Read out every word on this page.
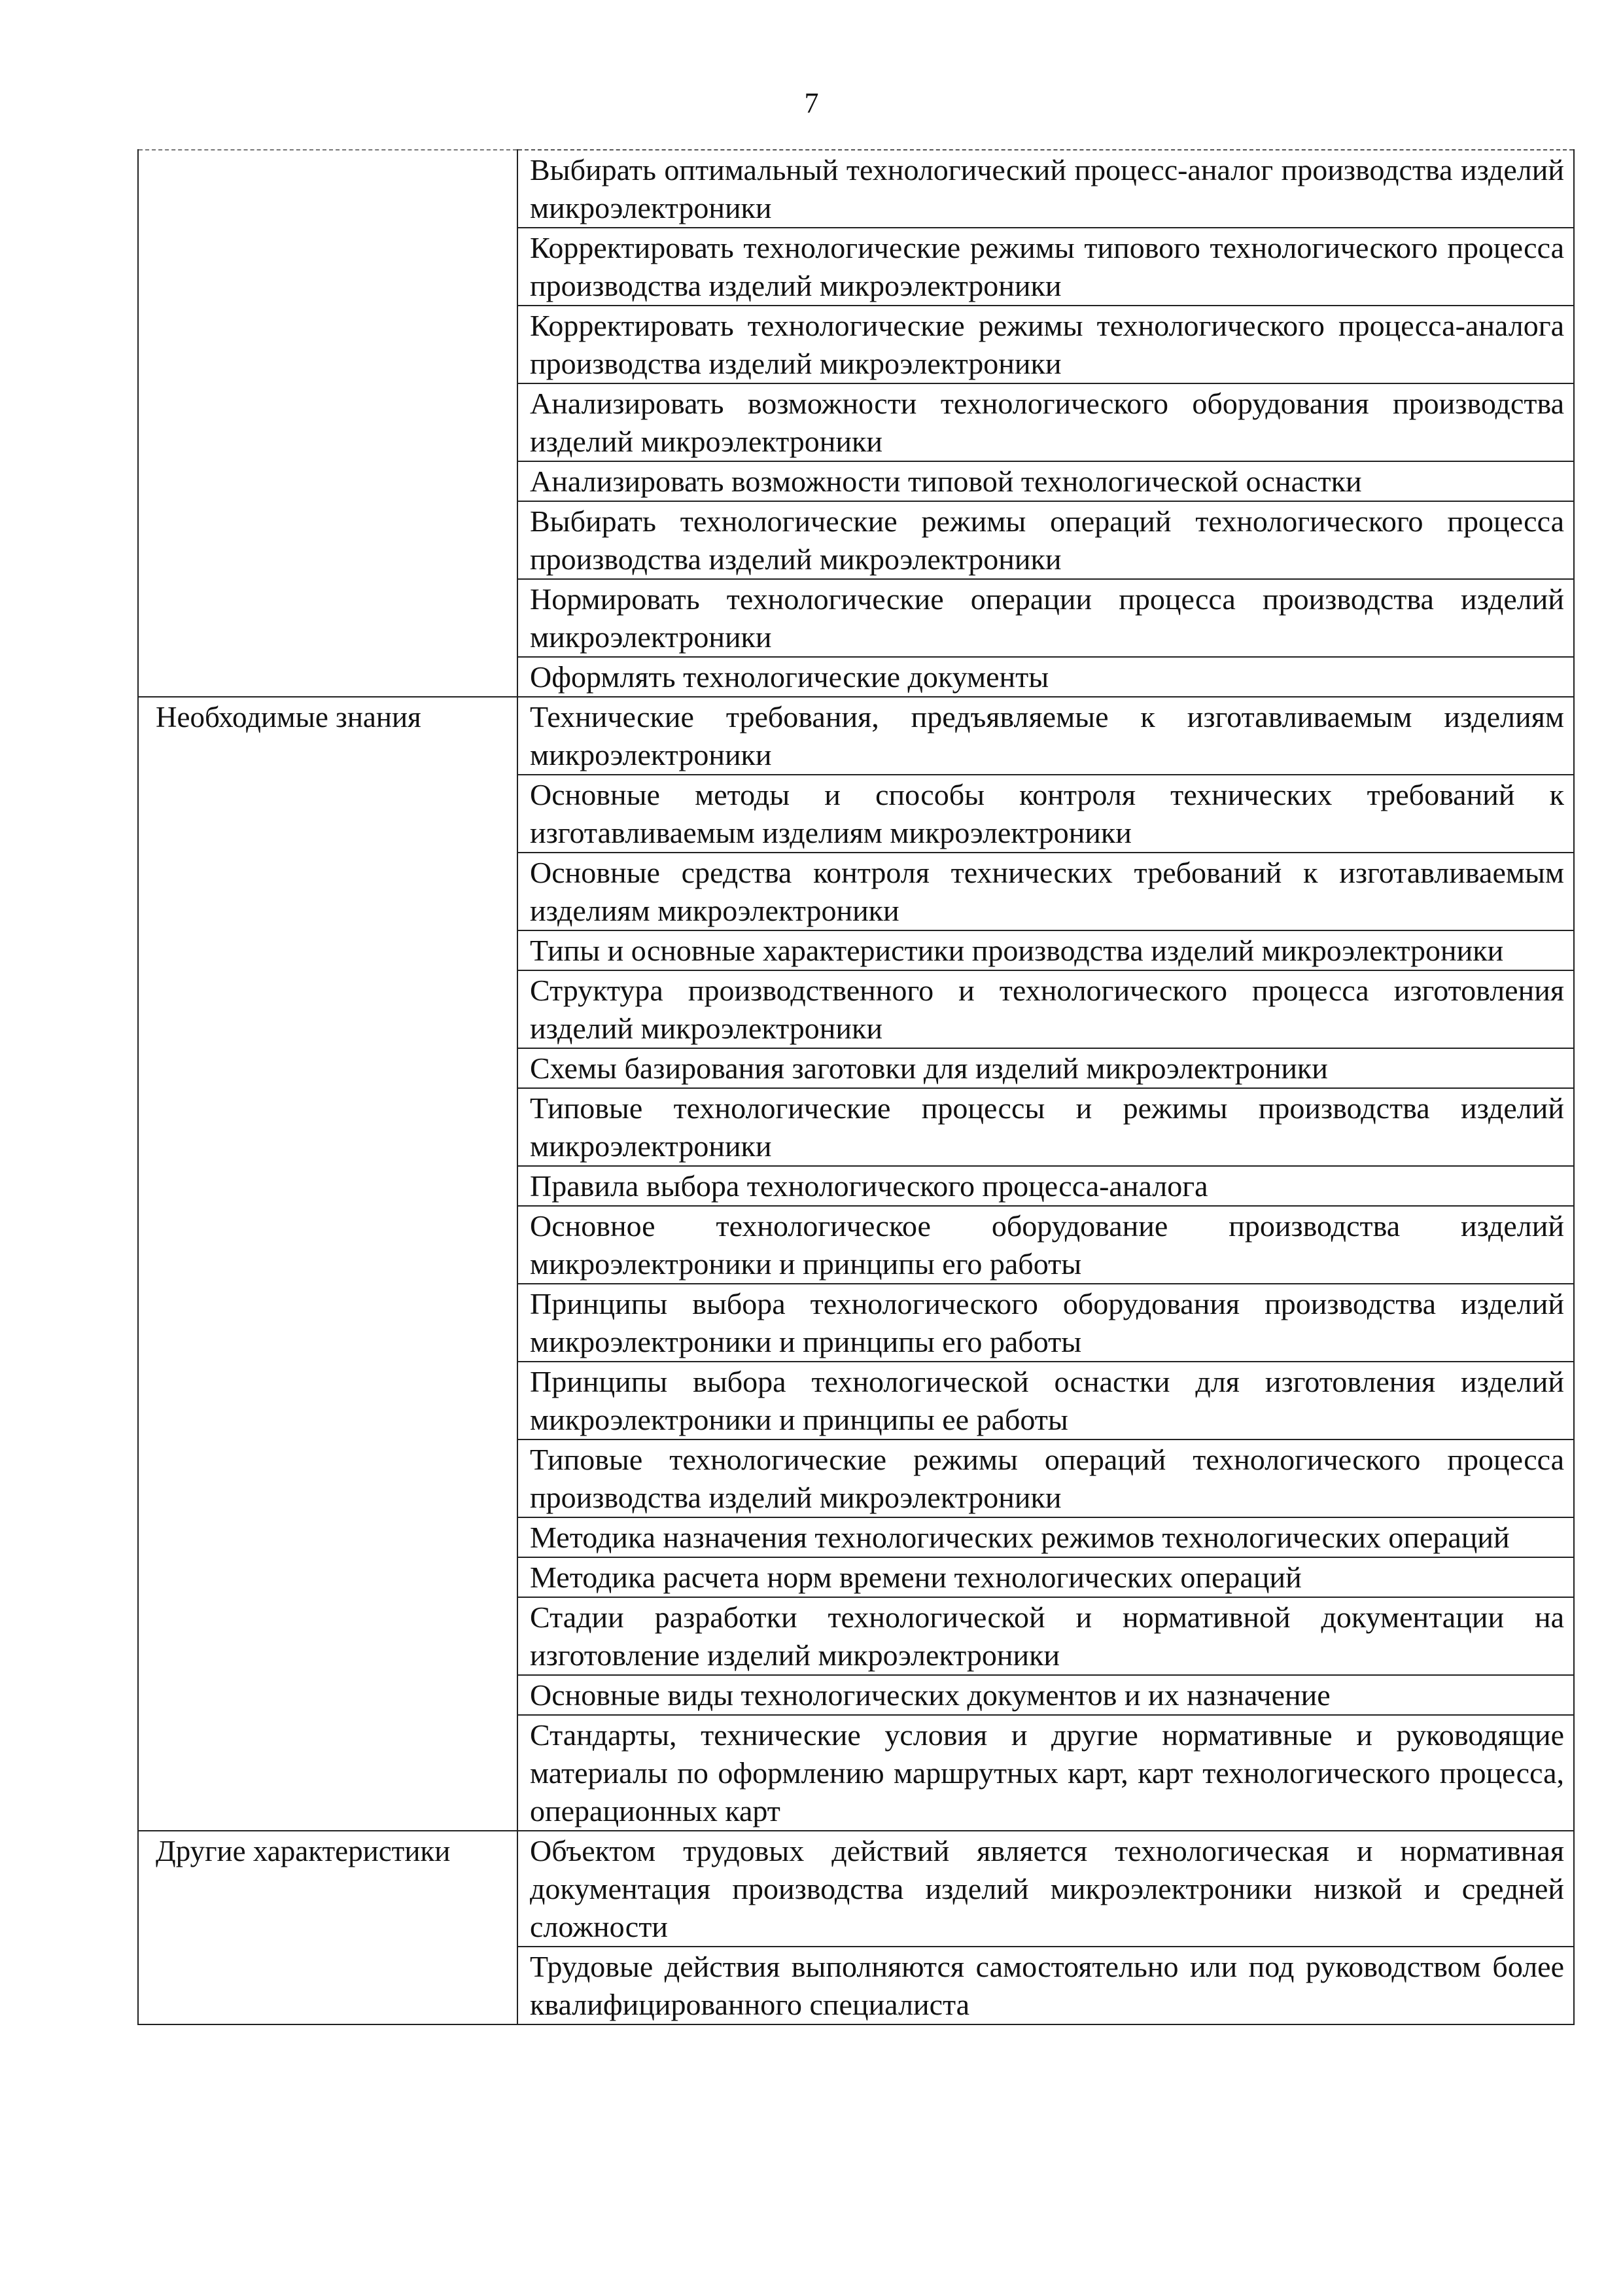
7
	Выбирать оптимальный технологический процесс-аналог производства изделий микроэлектроники
	Корректировать технологические режимы типового технологического процесса производства изделий микроэлектроники
	Корректировать технологические режимы технологического процесса-аналога производства изделий микроэлектроники
	Анализировать возможности технологического оборудования производства изделий микроэлектроники
	Анализировать возможности типовой технологической оснастки
	Выбирать технологические режимы операций технологического процесса производства изделий микроэлектроники
	Нормировать технологические операции процесса производства изделий микроэлектроники
	Оформлять технологические документы
Необходимые знания	Технические требования, предъявляемые к изготавливаемым изделиям микроэлектроники
	Основные методы и способы контроля технических требований к изготавливаемым изделиям микроэлектроники
	Основные средства контроля технических требований к изготавливаемым изделиям микроэлектроники
	Типы и основные характеристики производства изделий микроэлектроники
	Структура производственного и технологического процесса изготовления изделий микроэлектроники
	Схемы базирования заготовки для изделий микроэлектроники
	Типовые технологические процессы и режимы производства изделий микроэлектроники
	Правила выбора технологического процесса-аналога
	Основное технологическое оборудование производства изделий микроэлектроники и принципы его работы
	Принципы выбора технологического оборудования производства изделий микроэлектроники и принципы его работы
	Принципы выбора технологической оснастки для изготовления изделий микроэлектроники и принципы ее работы
	Типовые технологические режимы операций технологического процесса производства изделий микроэлектроники
	Методика назначения технологических режимов технологических операций
	Методика расчета норм времени технологических операций
	Стадии разработки технологической и нормативной документации на изготовление изделий микроэлектроники
	Основные виды технологических документов и их назначение
	Стандарты, технические условия и другие нормативные и руководящие материалы по оформлению маршрутных карт, карт технологического процесса, операционных карт
Другие характеристики	Объектом трудовых действий является технологическая и нормативная документация производства изделий микроэлектроники низкой и средней сложности
	Трудовые действия выполняются самостоятельно или под руководством более квалифицированного специалиста
